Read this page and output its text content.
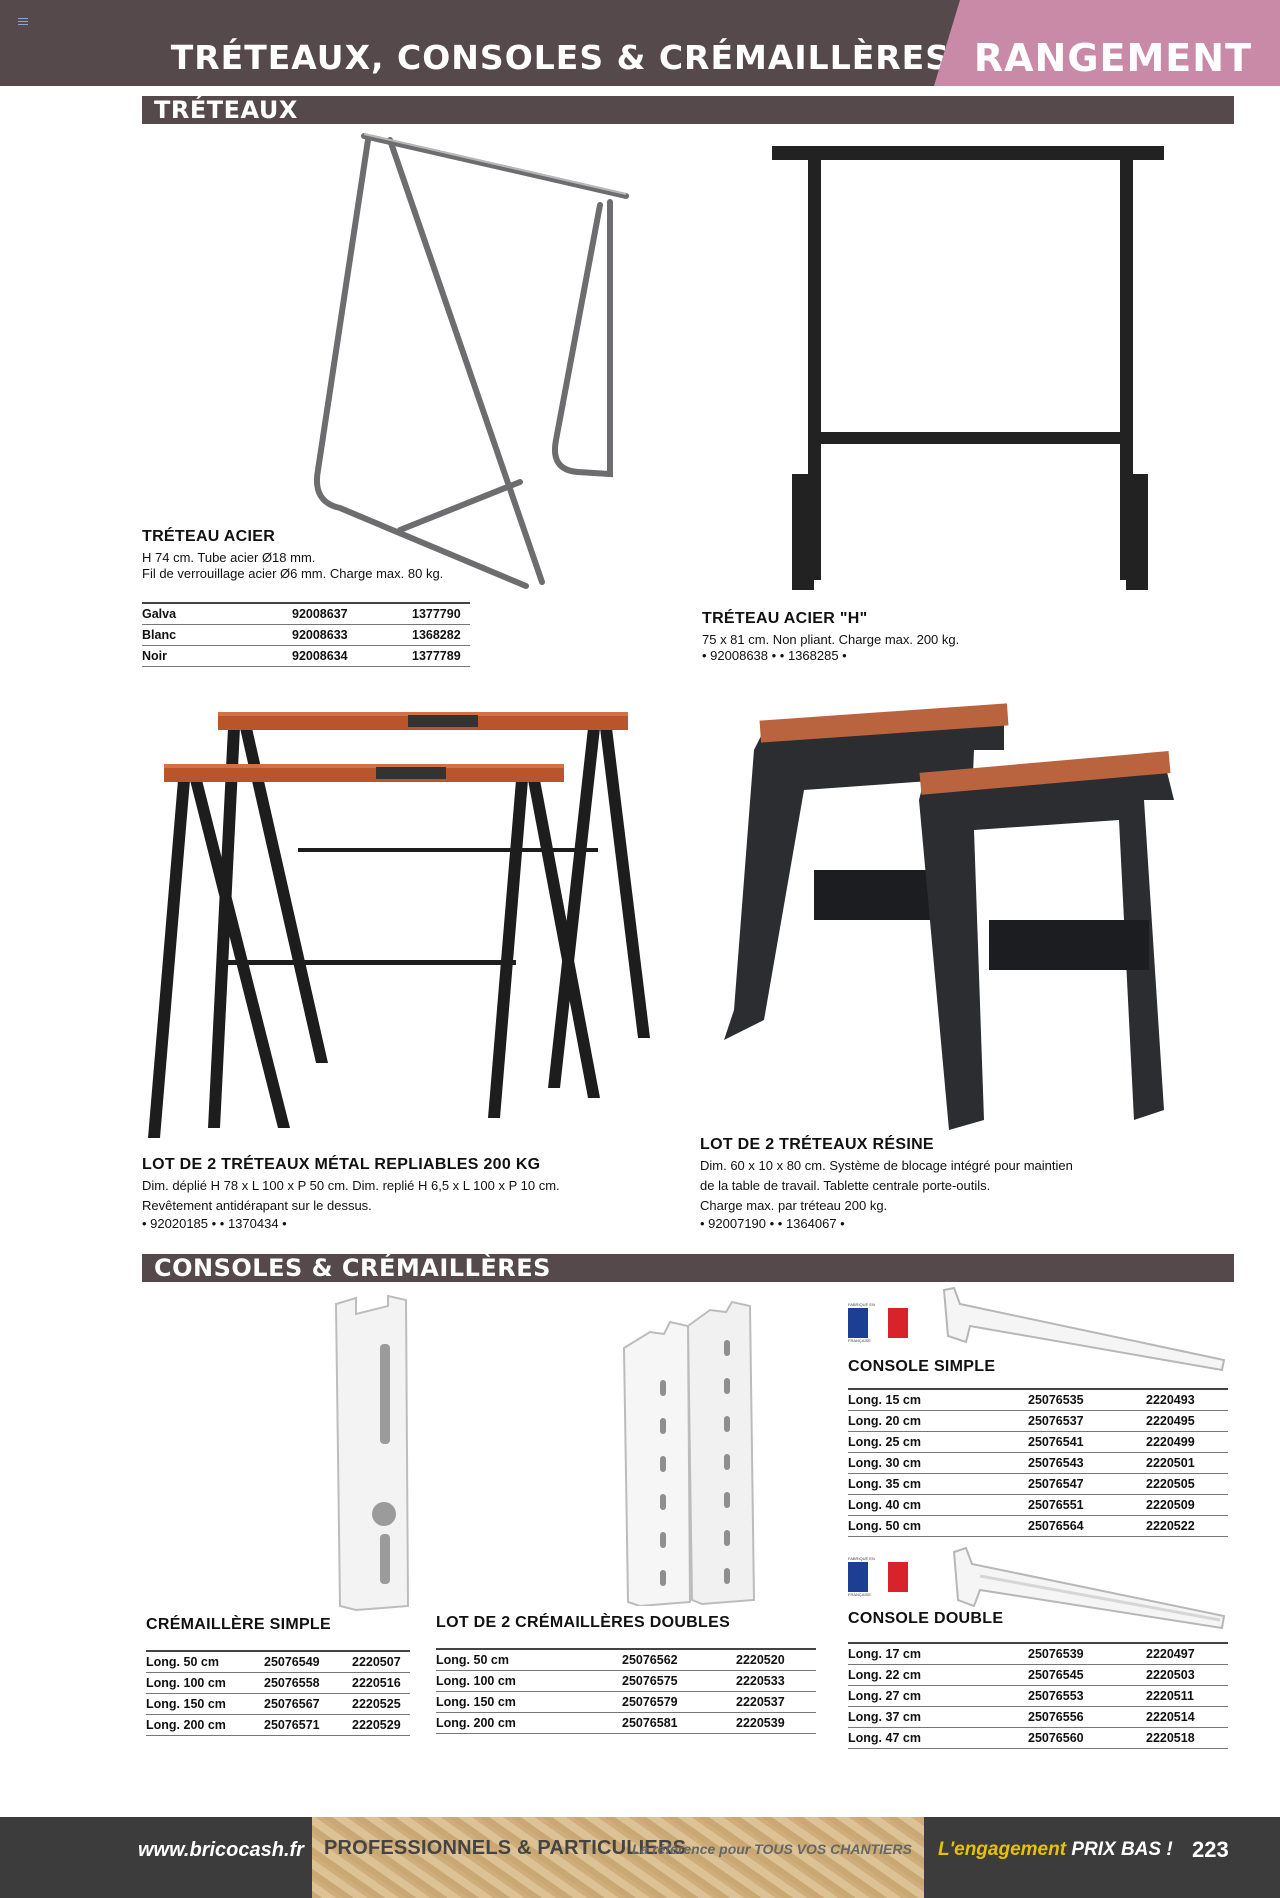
TRÉTEAUX, CONSOLES & CRÉMAILLÈRES RANGEMENT
TRÉTEAUX
TRÉTEAU ACIER
H 74 cm. Tube acier Ø18 mm.
Fil de verrouillage acier Ø6 mm. Charge max. 80 kg.
Galva	92008637	1377790
Blanc	92008633	1368282
Noir	92008634	1377789
TRÉTEAU ACIER "H"
75 x 81 cm. Non pliant. Charge max. 200 kg.
• 92008638 • • 1368285 •
LOT DE 2 TRÉTEAUX MÉTAL REPLIABLES 200 KG
Dim. déplié H 78 x L 100 x P 50 cm. Dim. replié H 6,5 x L 100 x P 10 cm.
Revêtement antidérapant sur le dessus.
• 92020185 • • 1370434 •
LOT DE 2 TRÉTEAUX RÉSINE
Dim. 60 x 10 x 80 cm. Système de blocage intégré pour maintien
de la table de travail. Tablette centrale porte-outils.
Charge max. par tréteau 200 kg.
• 92007190 • • 1364067 •
CONSOLES & CRÉMAILLÈRES
CRÉMAILLÈRE SIMPLE
Long. 50 cm	25076549	2220507
Long. 100 cm	25076558	2220516
Long. 150 cm	25076567	2220525
Long. 200 cm	25076571	2220529
LOT DE 2 CRÉMAILLÈRES DOUBLES
Long. 50 cm	25076562	2220520
Long. 100 cm	25076575	2220533
Long. 150 cm	25076579	2220537
Long. 200 cm	25076581	2220539
FABRIQUÉ EN
FRANÇAISE
CONSOLE SIMPLE
Long. 15 cm	25076535	2220493
Long. 20 cm	25076537	2220495
Long. 25 cm	25076541	2220499
Long. 30 cm	25076543	2220501
Long. 35 cm	25076547	2220505
Long. 40 cm	25076551	2220509
Long. 50 cm	25076564	2220522
FABRIQUÉ EN
FRANÇAISE
CONSOLE DOUBLE
Long. 17 cm	25076539	2220497
Long. 22 cm	25076545	2220503
Long. 27 cm	25076553	2220511
Long. 37 cm	25076556	2220514
Long. 47 cm	25076560	2220518
www.bricocash.fr PROFESSIONNELS & PARTICULIERS
La référence pour TOUS VOS CHANTIERS L'engagement PRIX BAS ! 223
